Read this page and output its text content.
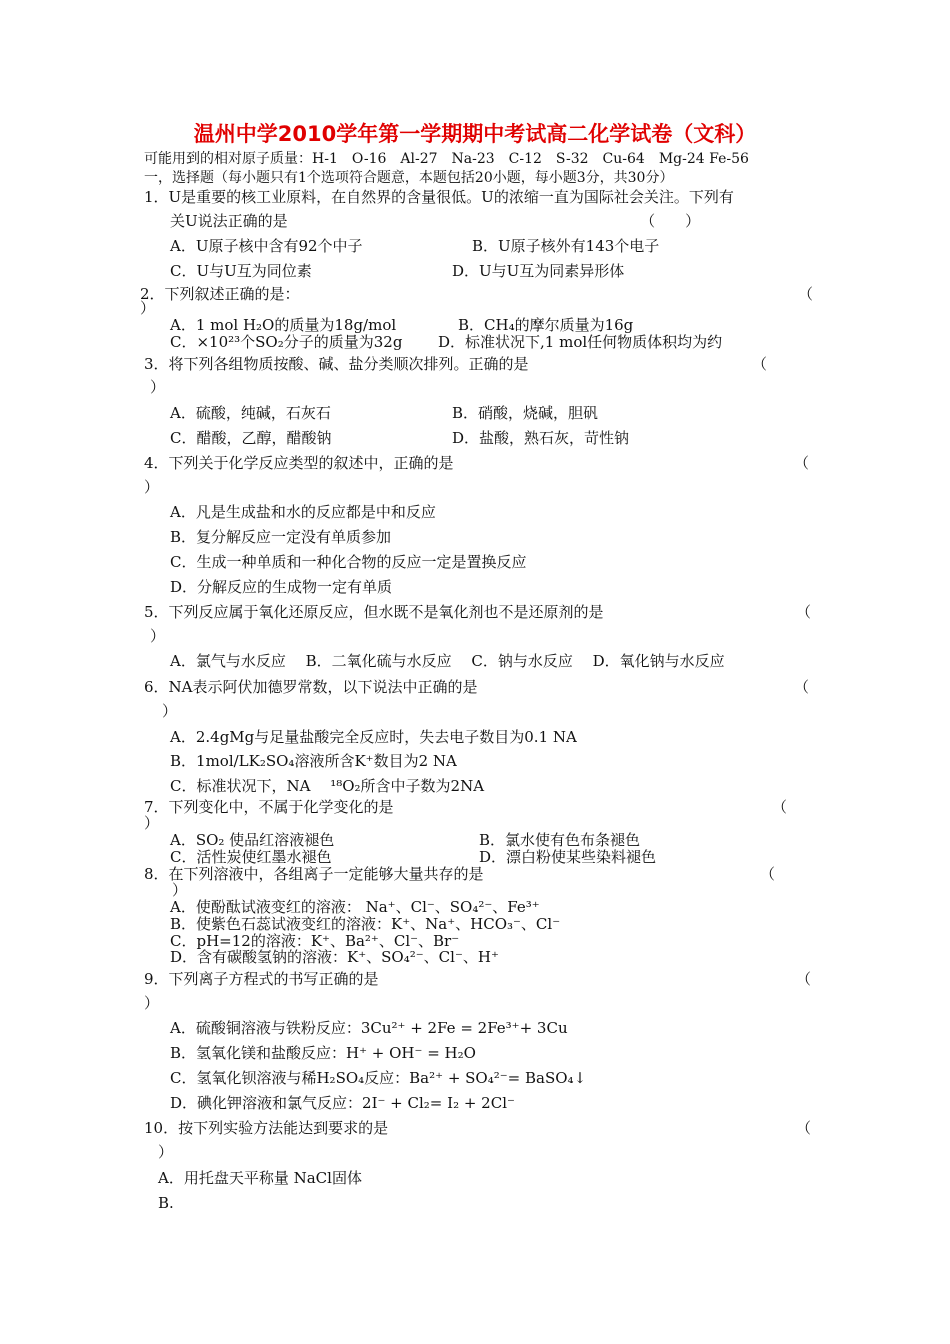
温州中学2010学年第一学期期中考试高二化学试卷（文科）
可能用到的相对原子质量：H-1　O-16　Al-27　Na-23　C-12　S-32　Cu-64　Mg-24 Fe-56
一，选择题（每小题只有1个选项符合题意，本题包括20小题，每小题3分，共30分）
1．U是重要的核工业原料，在自然界的含量很低。U的浓缩一直为国际社会关注。下列有
关U说法正确的是　　　　　　　　　　　　　　　　　　　　　　　　（　　）
A．U原子核中含有92个中子	B．U原子核外有143个电子
C．U与U互为同位素	D．U与U互为同素异形体
2．下列叙述正确的是：	（
）
A．1 mol H₂O的质量为18g/mol	B．CH₄的摩尔质量为16g
C．×10²³个SO₂分子的质量为32g D．标准状况下,1 mol任何物质体积均为约
3．将下列各组物质按酸、碱、盐分类顺次排列。正确的是	（
）
A．硫酸，纯碱，石灰石	B．硝酸，烧碱，胆矾
C．醋酸，乙醇，醋酸钠	D．盐酸，熟石灰，苛性钠
4．下列关于化学反应类型的叙述中，正确的是	（
）
A．凡是生成盐和水的反应都是中和反应
B．复分解反应一定没有单质参加
C．生成一种单质和一种化合物的反应一定是置换反应
D．分解反应的生成物一定有单质
5．下列反应属于氧化还原反应，但水既不是氧化剂也不是还原剂的是	（
）
A．氯气与水反应　 B．二氧化硫与水反应　 C．钠与水反应　 D．氧化钠与水反应
6．NA表示阿伏加德罗常数，以下说法中正确的是	（
）
A．2.4gMg与足量盐酸完全反应时，失去电子数目为0.1 NA
B．1mol/LK₂SO₄溶液所含K⁺数目为2 NA
C．标准状况下，NA　 ¹⁸O₂所含中子数为2NA
7．下列变化中，不属于化学变化的是	（
）
A．SO₂ 使品红溶液褪色	B．氯水使有色布条褪色
C．活性炭使红墨水褪色	D．漂白粉使某些染料褪色
8．在下列溶液中，各组离子一定能够大量共存的是	（
）
A．使酚酞试液变红的溶液： Na⁺、Cl⁻、SO₄²⁻、Fe³⁺
B．使紫色石蕊试液变红的溶液：K⁺、Na⁺、HCO₃⁻、Cl⁻
C．pH=12的溶液：K⁺、Ba²⁺、Cl⁻、Br⁻
D．含有碳酸氢钠的溶液：K⁺、SO₄²⁻、Cl⁻、H⁺
9．下列离子方程式的书写正确的是	（
）
A．硫酸铜溶液与铁粉反应：3Cu²⁺ + 2Fe = 2Fe³⁺+ 3Cu
B．氢氧化镁和盐酸反应：H⁺ + OH⁻ = H₂O
C．氢氧化钡溶液与稀H₂SO₄反应：Ba²⁺ + SO₄²⁻= BaSO₄↓
D．碘化钾溶液和氯气反应：2I⁻ + Cl₂= I₂ + 2Cl⁻
10．按下列实验方法能达到要求的是	（
）
A．用托盘天平称量 NaCl固体
B.
